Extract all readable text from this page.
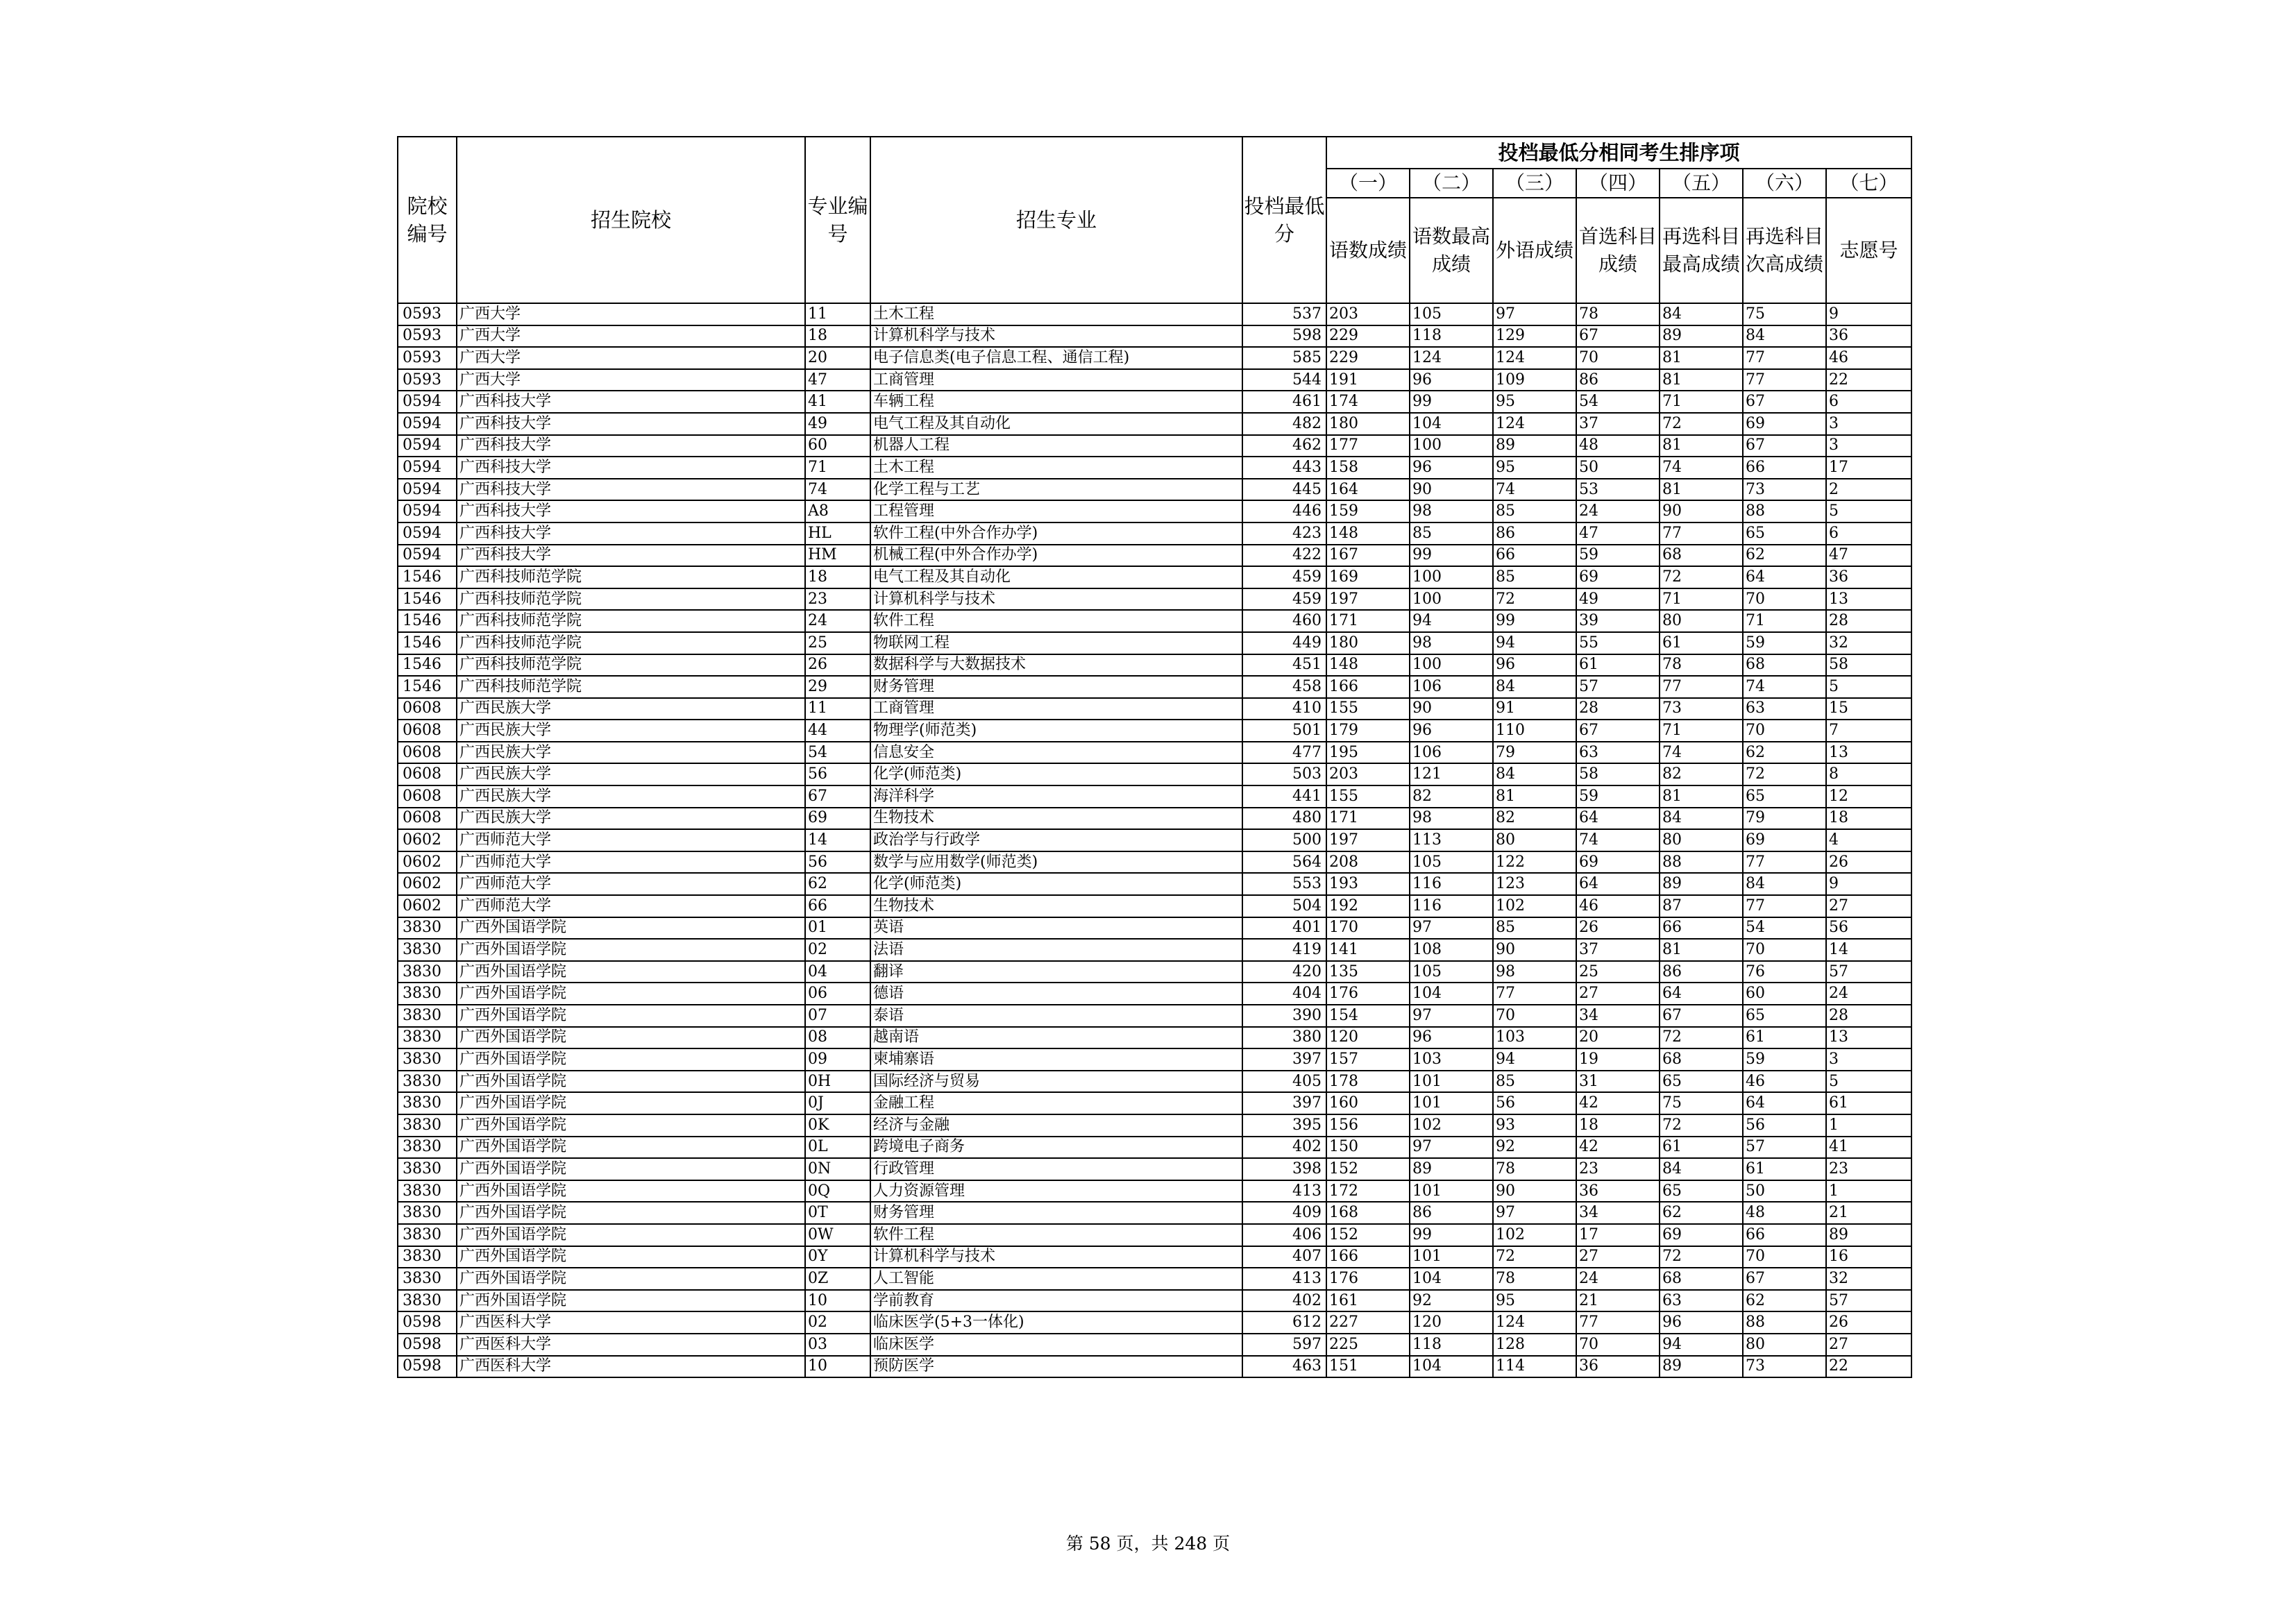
院校编号	招生院校	专业编号	招生专业	投档最低分	投档最低分相同考生排序项						
					（一）	（二）	（三）	（四）	（五）	（六）	（七）
					语数成绩	语数最高成绩	外语成绩	首选科目成绩	再选科目最高成绩	再选科目次高成绩	志愿号
0593	广西大学	11	土木工程	537	203	105	97	78	84	75	9
0593	广西大学	18	计算机科学与技术	598	229	118	129	67	89	84	36
0593	广西大学	20	电子信息类(电子信息工程、通信工程)	585	229	124	124	70	81	77	46
0593	广西大学	47	工商管理	544	191	96	109	86	81	77	22
0594	广西科技大学	41	车辆工程	461	174	99	95	54	71	67	6
0594	广西科技大学	49	电气工程及其自动化	482	180	104	124	37	72	69	3
0594	广西科技大学	60	机器人工程	462	177	100	89	48	81	67	3
0594	广西科技大学	71	土木工程	443	158	96	95	50	74	66	17
0594	广西科技大学	74	化学工程与工艺	445	164	90	74	53	81	73	2
0594	广西科技大学	A8	工程管理	446	159	98	85	24	90	88	5
0594	广西科技大学	HL	软件工程(中外合作办学)	423	148	85	86	47	77	65	6
0594	广西科技大学	HM	机械工程(中外合作办学)	422	167	99	66	59	68	62	47
1546	广西科技师范学院	18	电气工程及其自动化	459	169	100	85	69	72	64	36
1546	广西科技师范学院	23	计算机科学与技术	459	197	100	72	49	71	70	13
1546	广西科技师范学院	24	软件工程	460	171	94	99	39	80	71	28
1546	广西科技师范学院	25	物联网工程	449	180	98	94	55	61	59	32
1546	广西科技师范学院	26	数据科学与大数据技术	451	148	100	96	61	78	68	58
1546	广西科技师范学院	29	财务管理	458	166	106	84	57	77	74	5
0608	广西民族大学	11	工商管理	410	155	90	91	28	73	63	15
0608	广西民族大学	44	物理学(师范类)	501	179	96	110	67	71	70	7
0608	广西民族大学	54	信息安全	477	195	106	79	63	74	62	13
0608	广西民族大学	56	化学(师范类)	503	203	121	84	58	82	72	8
0608	广西民族大学	67	海洋科学	441	155	82	81	59	81	65	12
0608	广西民族大学	69	生物技术	480	171	98	82	64	84	79	18
0602	广西师范大学	14	政治学与行政学	500	197	113	80	74	80	69	4
0602	广西师范大学	56	数学与应用数学(师范类)	564	208	105	122	69	88	77	26
0602	广西师范大学	62	化学(师范类)	553	193	116	123	64	89	84	9
0602	广西师范大学	66	生物技术	504	192	116	102	46	87	77	27
3830	广西外国语学院	01	英语	401	170	97	85	26	66	54	56
3830	广西外国语学院	02	法语	419	141	108	90	37	81	70	14
3830	广西外国语学院	04	翻译	420	135	105	98	25	86	76	57
3830	广西外国语学院	06	德语	404	176	104	77	27	64	60	24
3830	广西外国语学院	07	泰语	390	154	97	70	34	67	65	28
3830	广西外国语学院	08	越南语	380	120	96	103	20	72	61	13
3830	广西外国语学院	09	柬埔寨语	397	157	103	94	19	68	59	3
3830	广西外国语学院	0H	国际经济与贸易	405	178	101	85	31	65	46	5
3830	广西外国语学院	0J	金融工程	397	160	101	56	42	75	64	61
3830	广西外国语学院	0K	经济与金融	395	156	102	93	18	72	56	1
3830	广西外国语学院	0L	跨境电子商务	402	150	97	92	42	61	57	41
3830	广西外国语学院	0N	行政管理	398	152	89	78	23	84	61	23
3830	广西外国语学院	0Q	人力资源管理	413	172	101	90	36	65	50	1
3830	广西外国语学院	0T	财务管理	409	168	86	97	34	62	48	21
3830	广西外国语学院	0W	软件工程	406	152	99	102	17	69	66	89
3830	广西外国语学院	0Y	计算机科学与技术	407	166	101	72	27	72	70	16
3830	广西外国语学院	0Z	人工智能	413	176	104	78	24	68	67	32
3830	广西外国语学院	10	学前教育	402	161	92	95	21	63	62	57
0598	广西医科大学	02	临床医学(5+3一体化)	612	227	120	124	77	96	88	26
0598	广西医科大学	03	临床医学	597	225	118	128	70	94	80	27
0598	广西医科大学	10	预防医学	463	151	104	114	36	89	73	22
第 58 页，共 248 页
